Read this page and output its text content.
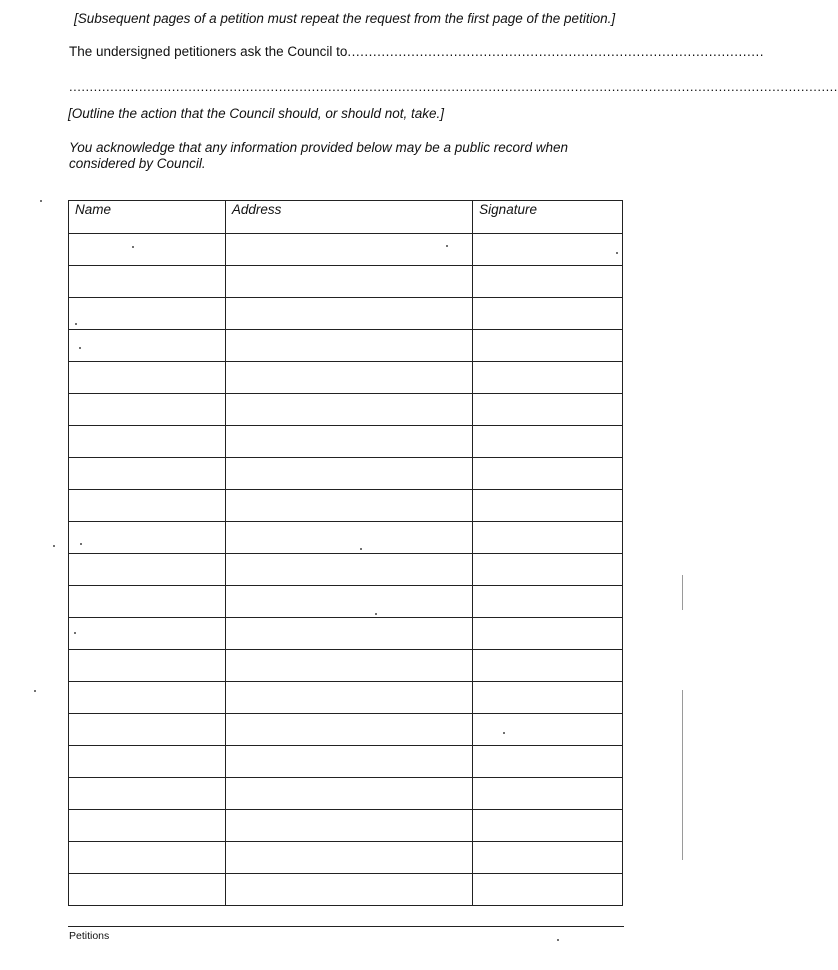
[Subsequent pages of a petition must repeat the request from the first page of the petition.]
The undersigned petitioners ask the Council to..................................................................................................
...........................................................................................................................................................................................
[Outline the action that the Council should, or should not, take.]
You acknowledge that any information provided below may be a public record when considered by Council.
Name	Address	Signature

Petitions
